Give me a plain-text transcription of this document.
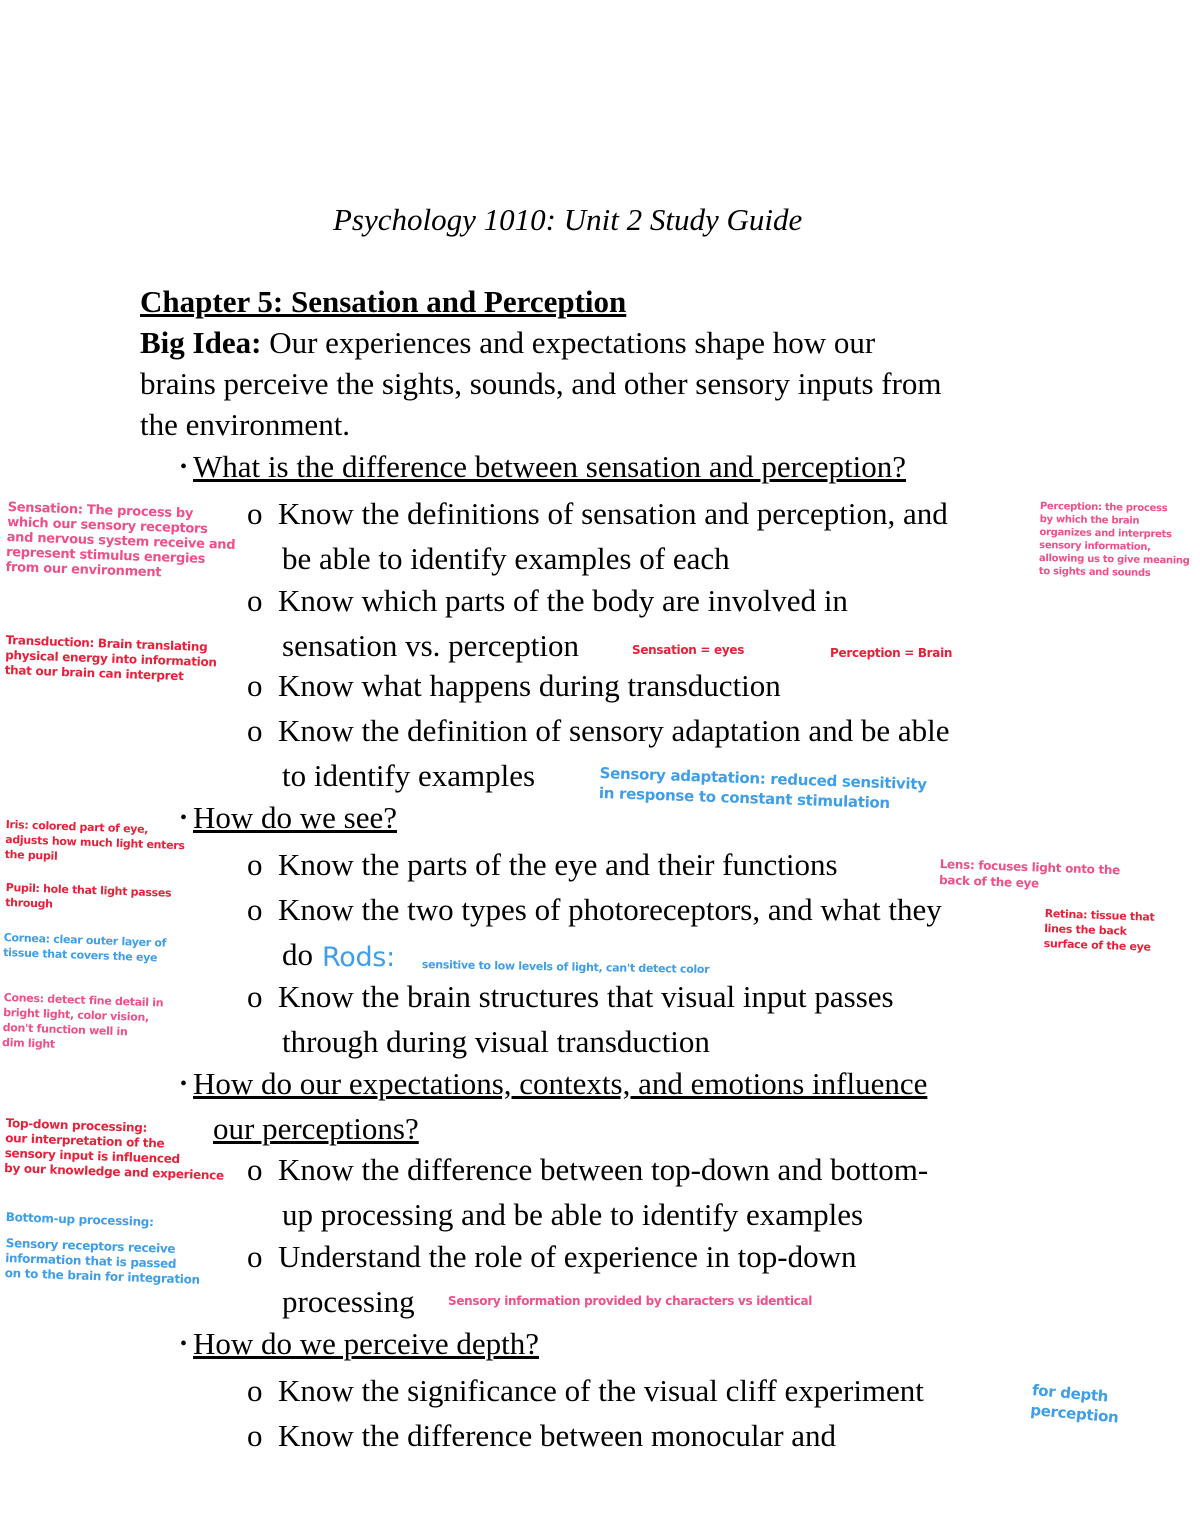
Psychology 1010: Unit 2 Study Guide
Chapter 5: Sensation and Perception
Big Idea: Our experiences and expectations shape how our
brains perceive the sights, sounds, and other sensory inputs from
the environment.
• What is the difference between sensation and perception?
o Know the definitions of sensation and perception, and
be able to identify examples of each
o Know which parts of the body are involved in
sensation vs. perception
o Know what happens during transduction
o Know the definition of sensory adaptation and be able
to identify examples
• How do we see?
o Know the parts of the eye and their functions
o Know the two types of photoreceptors, and what they
do
o Know the brain structures that visual input passes
through during visual transduction
• How do our expectations, contexts, and emotions influence
our perceptions?
o Know the difference between top-down and bottom-
up processing and be able to identify examples
o Understand the role of experience in top-down
processing
• How do we perceive depth?
o Know the significance of the visual cliff experiment
o Know the difference between monocular and
Sensation: The process by
which our sensory receptors
and nervous system receive and
represent stimulus energies
from our environment
Perception: the process
by which the brain
organizes and interprets
sensory information,
allowing us to give meaning
to sights and sounds
Transduction: Brain translating
physical energy into information
that our brain can interpret
Sensation = eyes	Perception = Brain
Sensory adaptation: reduced sensitivity
in response to constant stimulation
Iris: colored part of eye,
adjusts how much light enters
the pupil
Pupil: hole that light passes
through
Cornea: clear outer layer of
tissue that covers the eye
Lens: focuses light onto the
back of the eye
Retina: tissue that
lines the back
surface of the eye
Rods: sensitive to low levels of light, can't detect color
Cones: detect fine detail in
bright light, color vision,
don't function well in
dim light
Top-down processing:
our interpretation of the
sensory input is influenced
by our knowledge and experience
Bottom-up processing:
Sensory receptors receive
information that is passed
on to the brain for integration
Sensory information provided by characters vs identical
for depth
perception
